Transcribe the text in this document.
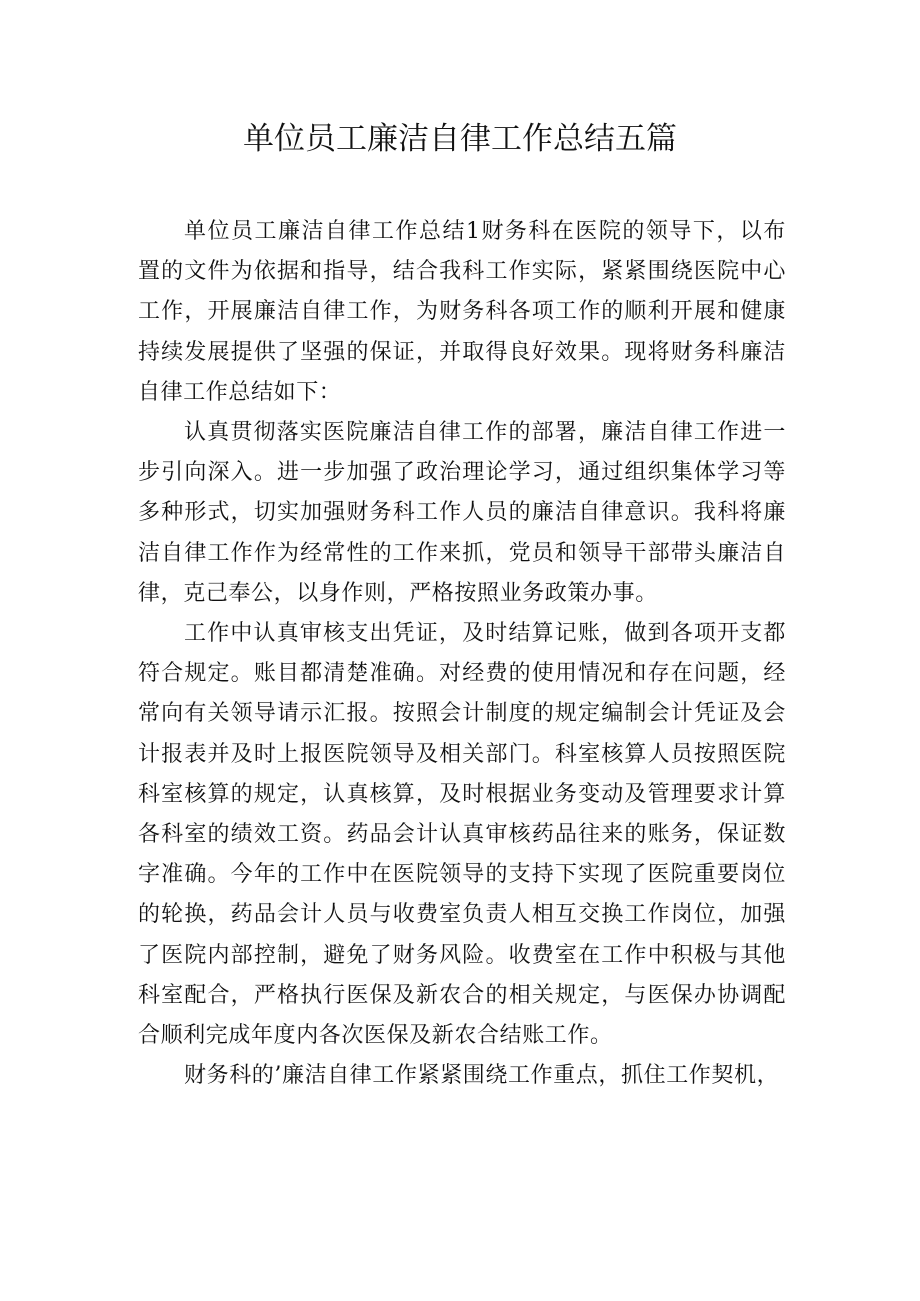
单位员工廉洁自律工作总结五篇

单位员工廉洁自律工作总结1财务科在医院的领导下，以布置的文件为依据和指导，结合我科工作实际，紧紧围绕医院中心工作，开展廉洁自律工作，为财务科各项工作的顺利开展和健康持续发展提供了坚强的保证，并取得良好效果。现将财务科廉洁自律工作总结如下：

认真贯彻落实医院廉洁自律工作的部署，廉洁自律工作进一步引向深入。进一步加强了政治理论学习，通过组织集体学习等多种形式，切实加强财务科工作人员的廉洁自律意识。我科将廉洁自律工作作为经常性的工作来抓，党员和领导干部带头廉洁自律，克己奉公，以身作则，严格按照业务政策办事。

工作中认真审核支出凭证，及时结算记账，做到各项开支都符合规定。账目都清楚准确。对经费的使用情况和存在问题，经常向有关领导请示汇报。按照会计制度的规定编制会计凭证及会计报表并及时上报医院领导及相关部门。科室核算人员按照医院科室核算的规定，认真核算，及时根据业务变动及管理要求计算各科室的绩效工资。药品会计认真审核药品往来的账务，保证数字准确。今年的工作中在医院领导的支持下实现了医院重要岗位的轮换，药品会计人员与收费室负责人相互交换工作岗位，加强了医院内部控制，避免了财务风险。收费室在工作中积极与其他科室配合，严格执行医保及新农合的相关规定，与医保办协调配合顺利完成年度内各次医保及新农合结账工作。

财务科的’廉洁自律工作紧紧围绕工作重点，抓住工作契机，
